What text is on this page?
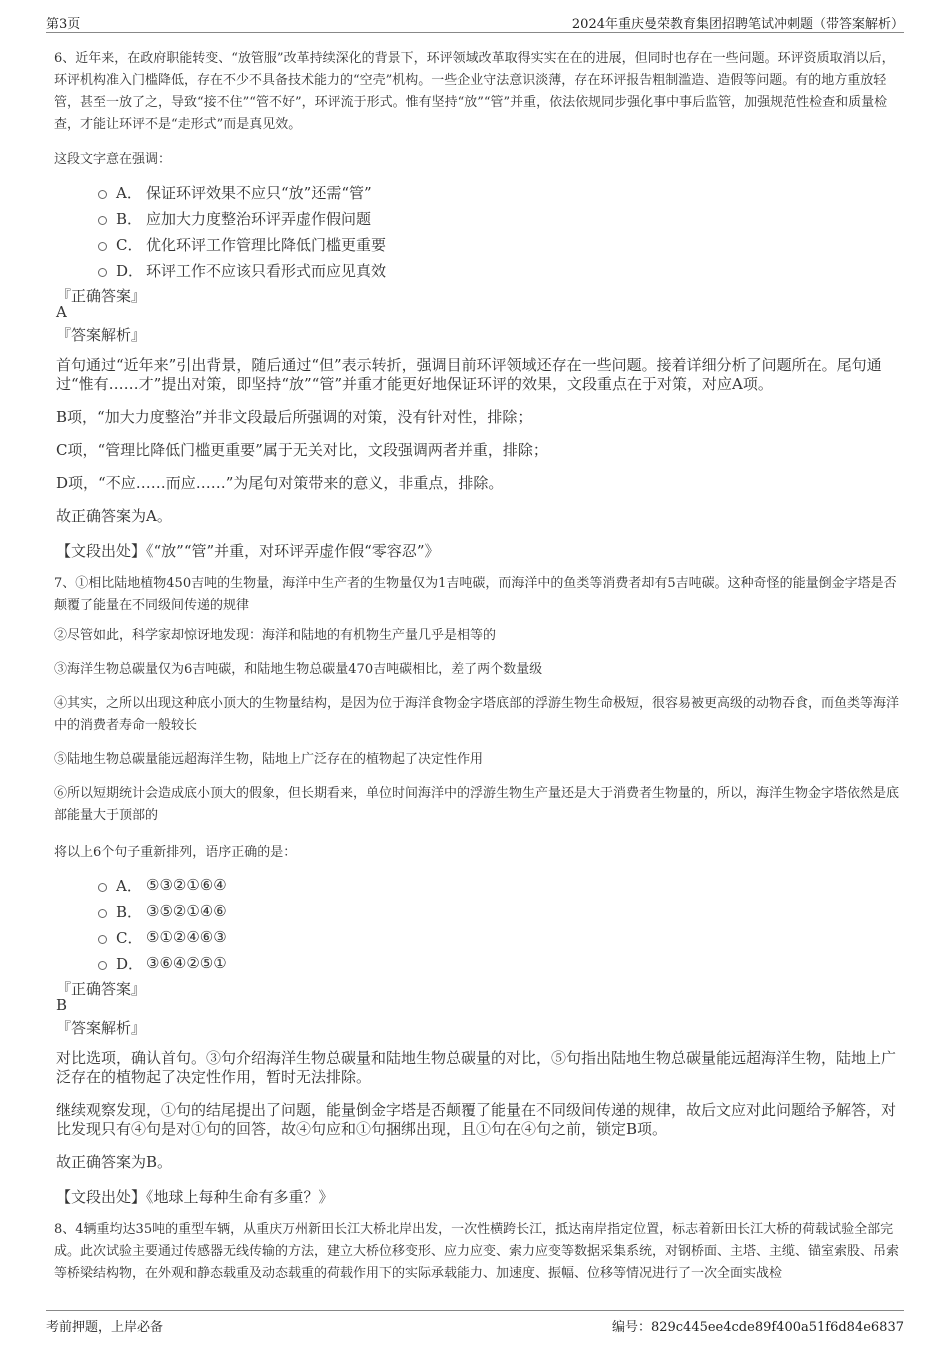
第3页	2024年重庆曼荣教育集团招聘笔试冲刺题（带答案解析）

6、近年来，在政府职能转变、“放管服”改革持续深化的背景下，环评领域改革取得实实在在的进展，但同时也存在一些问题。环评资质取消以后，环评机构准入门槛降低，存在不少不具备技术能力的“空壳”机构。一些企业守法意识淡薄，存在环评报告粗制滥造、造假等问题。有的地方重放轻管，甚至一放了之，导致“接不住”“管不好”，环评流于形式。惟有坚持“放”“管”并重，依法依规同步强化事中事后监管，加强规范性检查和质量检查，才能让环评不是“走形式”而是真见效。

这段文字意在强调：

A． 保证环评效果不应只“放”还需“管”
B． 应加大力度整治环评弄虚作假问题
C． 优化环评工作管理比降低门槛更重要
D． 环评工作不应该只看形式而应见真效

『正确答案』

A

『答案解析』

首句通过“近年来”引出背景，随后通过“但”表示转折，强调目前环评领域还存在一些问题。接着详细分析了问题所在。尾句通过“惟有……才”提出对策，即坚持“放”“管”并重才能更好地保证环评的效果，文段重点在于对策，对应A项。

B项，“加大力度整治”并非文段最后所强调的对策，没有针对性，排除；

C项，“管理比降低门槛更重要”属于无关对比，文段强调两者并重，排除；

D项，“不应……而应……”为尾句对策带来的意义，非重点，排除。

故正确答案为A。

【文段出处】《“放”“管”并重，对环评弄虚作假“零容忍”》

7、①相比陆地植物450吉吨的生物量，海洋中生产者的生物量仅为1吉吨碳，而海洋中的鱼类等消费者却有5吉吨碳。这种奇怪的能量倒金字塔是否颠覆了能量在不同级间传递的规律

②尽管如此，科学家却惊讶地发现：海洋和陆地的有机物生产量几乎是相等的

③海洋生物总碳量仅为6吉吨碳，和陆地生物总碳量470吉吨碳相比，差了两个数量级

④其实，之所以出现这种底小顶大的生物量结构，是因为位于海洋食物金字塔底部的浮游生物生命极短，很容易被更高级的动物吞食，而鱼类等海洋中的消费者寿命一般较长

⑤陆地生物总碳量能远超海洋生物，陆地上广泛存在的植物起了决定性作用

⑥所以短期统计会造成底小顶大的假象，但长期看来，单位时间海洋中的浮游生物生产量还是大于消费者生物量的，所以，海洋生物金字塔依然是底部能量大于顶部的

将以上6个句子重新排列，语序正确的是：

A． ⑤③②①⑥④
B． ③⑤②①④⑥
C． ⑤①②④⑥③
D． ③⑥④②⑤①

『正确答案』

B

『答案解析』

对比选项，确认首句。③句介绍海洋生物总碳量和陆地生物总碳量的对比，⑤句指出陆地生物总碳量能远超海洋生物，陆地上广泛存在的植物起了决定性作用，暂时无法排除。

继续观察发现，①句的结尾提出了问题，能量倒金字塔是否颠覆了能量在不同级间传递的规律，故后文应对此问题给予解答，对比发现只有④句是对①句的回答，故④句应和①句捆绑出现，且①句在④句之前，锁定B项。

故正确答案为B。

【文段出处】《地球上每种生命有多重？》

8、4辆重均达35吨的重型车辆，从重庆万州新田长江大桥北岸出发，一次性横跨长江，抵达南岸指定位置，标志着新田长江大桥的荷载试验全部完成。此次试验主要通过传感器无线传输的方法，建立大桥位移变形、应力应变、索力应变等数据采集系统，对钢桥面、主塔、主缆、锚室索股、吊索等桥梁结构物，在外观和静态载重及动态载重的荷载作用下的实际承载能力、加速度、振幅、位移等情况进行了一次全面实战检

考前押题，上岸必备	编号：829c445ee4cde89f400a51f6d84e6837
